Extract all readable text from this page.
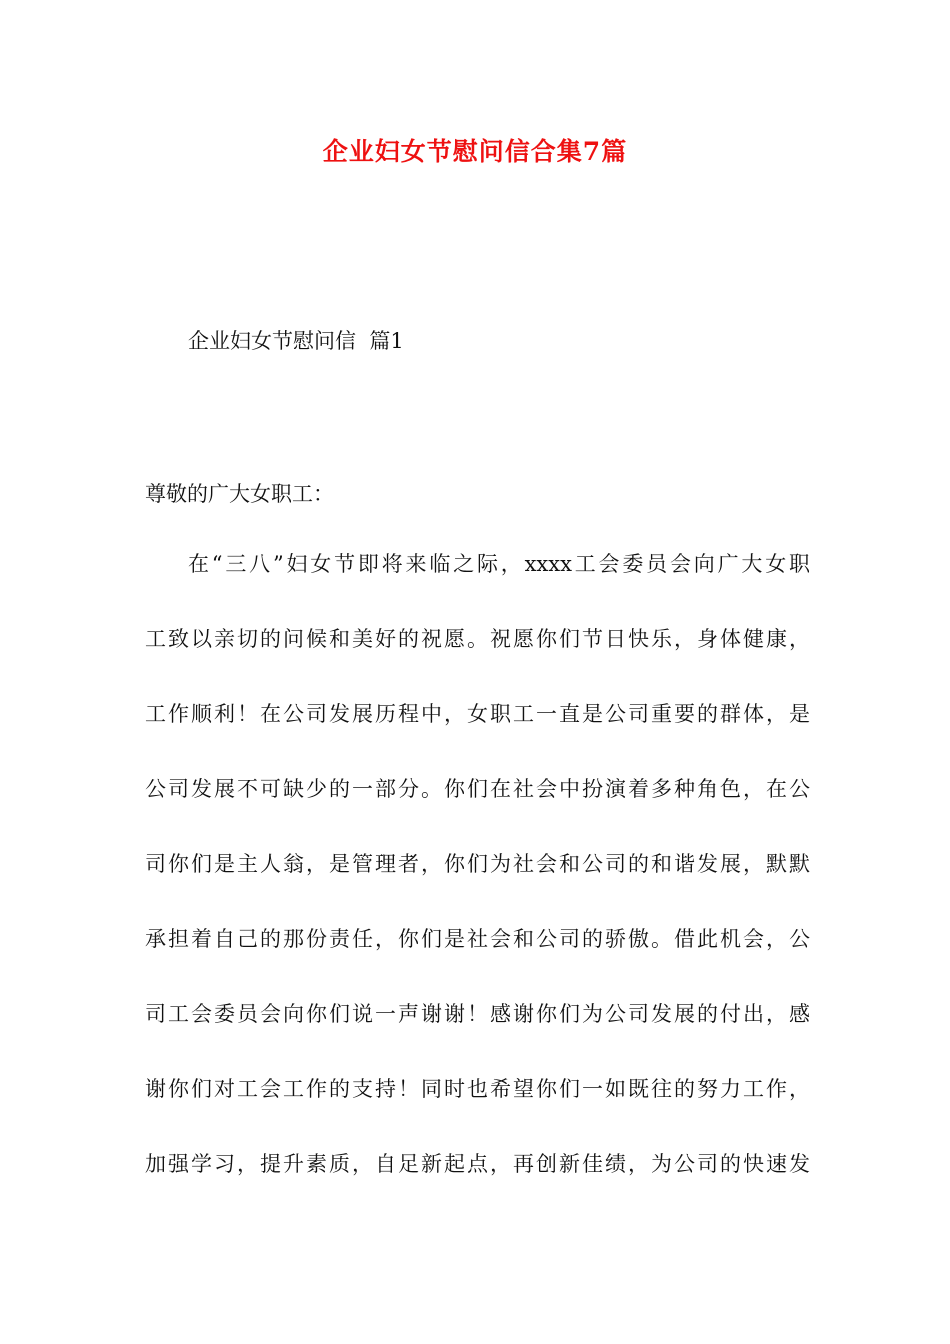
企业妇女节慰问信合集7篇
企业妇女节慰问信  篇1
尊敬的广大女职工：
在“三八”妇女节即将来临之际，xxxx工会委员会向广大女职
工致以亲切的问候和美好的祝愿。祝愿你们节日快乐，身体健康，
工作顺利！在公司发展历程中，女职工一直是公司重要的群体，是
公司发展不可缺少的一部分。你们在社会中扮演着多种角色，在公
司你们是主人翁，是管理者，你们为社会和公司的和谐发展，默默
承担着自己的那份责任，你们是社会和公司的骄傲。借此机会，公
司工会委员会向你们说一声谢谢！感谢你们为公司发展的付出，感
谢你们对工会工作的支持！同时也希望你们一如既往的努力工作，
加强学习，提升素质，自足新起点，再创新佳绩，为公司的快速发
